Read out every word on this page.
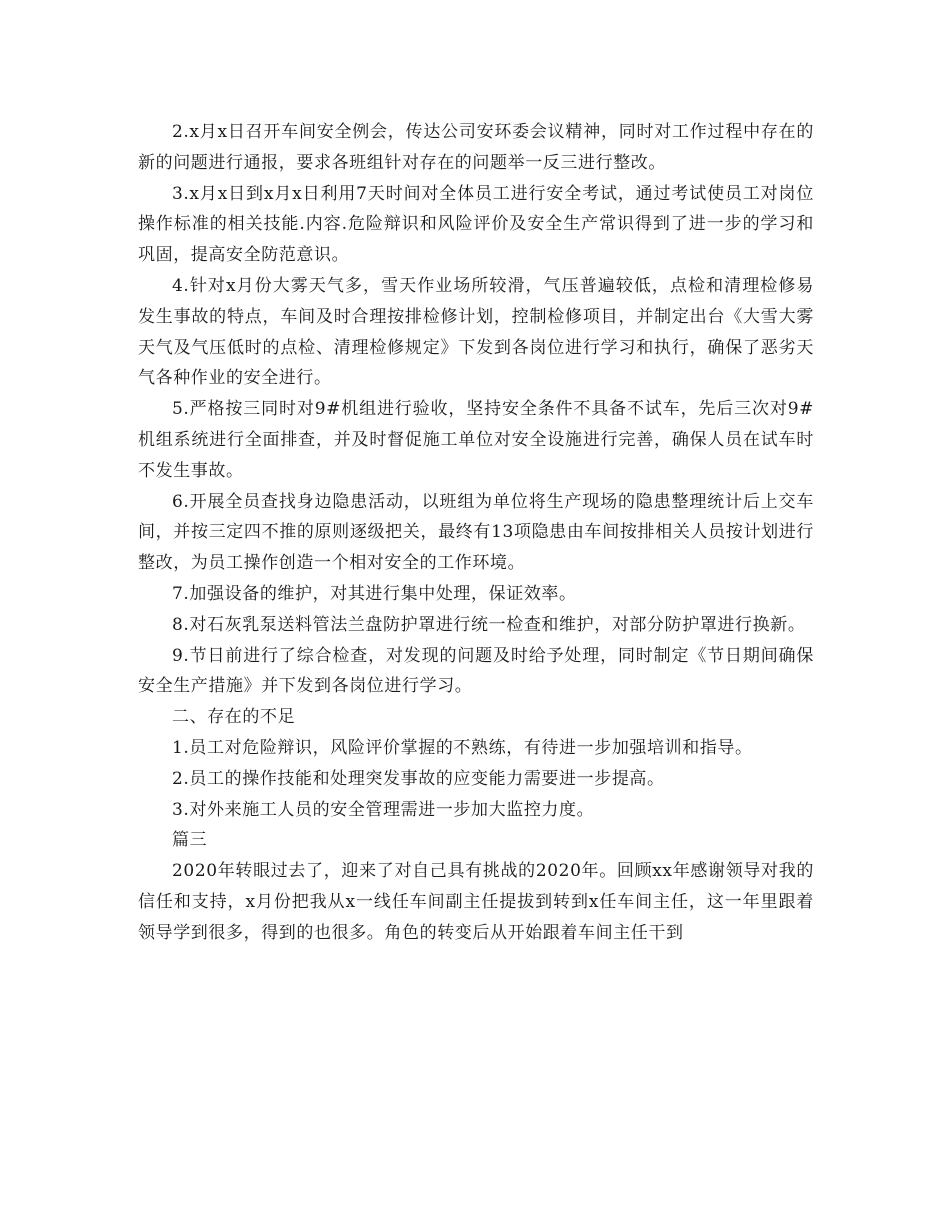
2.x月x日召开车间安全例会，传达公司安环委会议精神，同时对工作过程中存在的新的问题进行通报，要求各班组针对存在的问题举一反三进行整改。

3.x月x日到x月x日利用7天时间对全体员工进行安全考试，通过考试使员工对岗位操作标准的相关技能.内容.危险辩识和风险评价及安全生产常识得到了进一步的学习和巩固，提高安全防范意识。

4.针对x月份大雾天气多，雪天作业场所较滑，气压普遍较低，点检和清理检修易发生事故的特点，车间及时合理按排检修计划，控制检修项目，并制定出台《大雪大雾天气及气压低时的点检、清理检修规定》下发到各岗位进行学习和执行，确保了恶劣天气各种作业的安全进行。

5.严格按三同时对9#机组进行验收，坚持安全条件不具备不试车，先后三次对9#机组系统进行全面排查，并及时督促施工单位对安全设施进行完善，确保人员在试车时不发生事故。

6.开展全员查找身边隐患活动，以班组为单位将生产现场的隐患整理统计后上交车间，并按三定四不推的原则逐级把关，最终有13项隐患由车间按排相关人员按计划进行整改，为员工操作创造一个相对安全的工作环境。

7.加强设备的维护，对其进行集中处理，保证效率。

8.对石灰乳泵送料管法兰盘防护罩进行统一检查和维护，对部分防护罩进行换新。

9.节日前进行了综合检查，对发现的问题及时给予处理，同时制定《节日期间确保安全生产措施》并下发到各岗位进行学习。

二、存在的不足

1.员工对危险辩识，风险评价掌握的不熟练，有待进一步加强培训和指导。

2.员工的操作技能和处理突发事故的应变能力需要进一步提高。

3.对外来施工人员的安全管理需进一步加大监控力度。

篇三

2020年转眼过去了，迎来了对自己具有挑战的2020年。回顾xx年感谢领导对我的信任和支持，x月份把我从x一线任车间副主任提拔到转到x任车间主任，这一年里跟着领导学到很多，得到的也很多。角色的转变后从开始跟着车间主任干到
